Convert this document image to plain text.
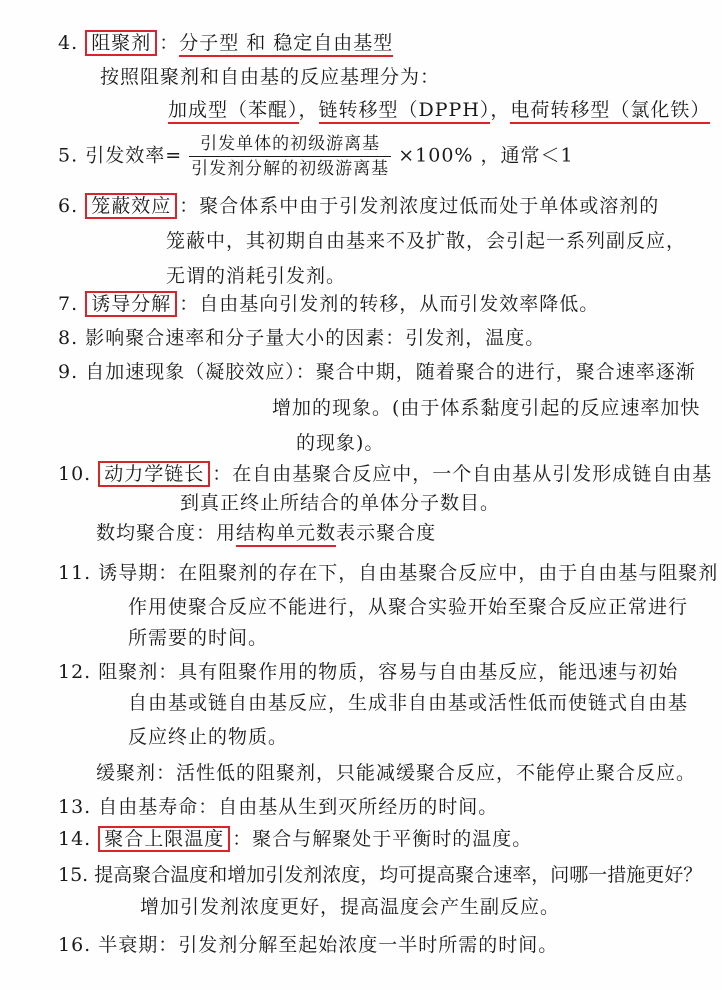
4. 阻聚剂 ：分子型 和 稳定自由基型
按照阻聚剂和自由基的反应基理分为：
加成型（苯醌），链转移型（DPPH），电荷转移型（氯化铁）
5. 引发效率= $\frac{\text{引发单体的初级游离基}}{\text{引发剂分解的初级游离基}} \times 100\%$ ，通常＜1
6. 笼蔽效应 ：聚合体系中由于引发剂浓度过低而处于单体或溶剂的
笼蔽中，其初期自由基来不及扩散，会引起一系列副反应，
无谓的消耗引发剂。
7. 诱导分解 ：自由基向引发剂的转移，从而引发效率降低。
8. 影响聚合速率和分子量大小的因素：引发剂，温度。
9. 自加速现象（凝胶效应）：聚合中期，随着聚合的进行，聚合速率逐渐
增加的现象。(由于体系黏度引起的反应速率加快
的现象)。
10. 动力学链长 ：在自由基聚合反应中，一个自由基从引发形成链自由基
到真正终止所结合的单体分子数目。
数均聚合度：用结构单元数表示聚合度
11. 诱导期：在阻聚剂的存在下，自由基聚合反应中，由于自由基与阻聚剂
作用使聚合反应不能进行，从聚合实验开始至聚合反应正常进行
所需要的时间。
12. 阻聚剂：具有阻聚作用的物质，容易与自由基反应，能迅速与初始
自由基或链自由基反应，生成非自由基或活性低而使链式自由基
反应终止的物质。
缓聚剂：活性低的阻聚剂，只能减缓聚合反应，不能停止聚合反应。
13. 自由基寿命：自由基从生到灭所经历的时间。
14. 聚合上限温度 ：聚合与解聚处于平衡时的温度。
15. 提高聚合温度和增加引发剂浓度，均可提高聚合速率，问哪一措施更好？
增加引发剂浓度更好，提高温度会产生副反应。
16. 半衰期：引发剂分解至起始浓度一半时所需的时间。
